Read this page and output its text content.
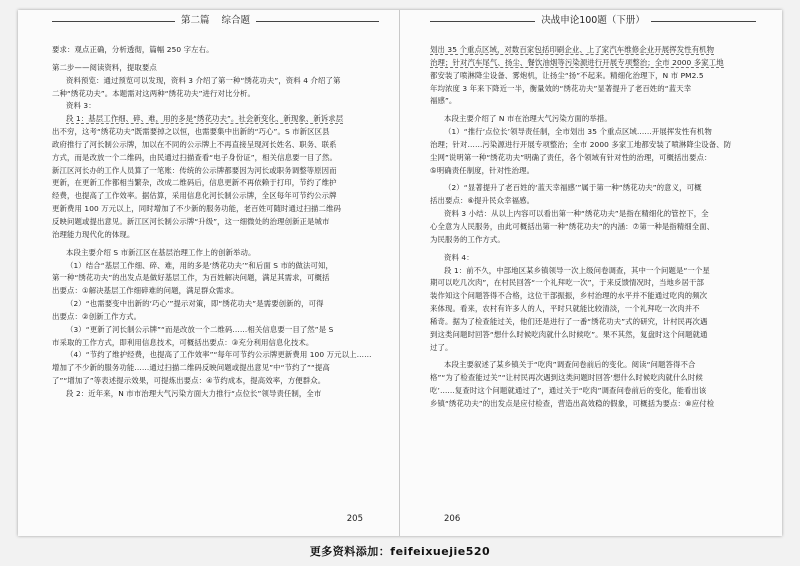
第二篇	综合题

要求：观点正确，分析透彻，篇幅 250 字左右。

第二步——阅读资料，提取要点

资料预览：通过预览可以发现，资料 3 介绍了第一种“绣花功夫”，资料 4 介绍了第

二种“绣花功夫”。本题需对这两种“绣花功夫”进行对比分析。

资料 3：

段 1：基层工作细、碎、难，用的多是“绣花功夫”。社会新变化、新现象、新诉求层

出不穷，这考“绣花功夫”既需要掉之以恒，也需要集中出新的“巧心”。S 市新区区县

政府推行了河长制公示牌，加以在不同的公示牌上不再直接呈现河长姓名、职务、联系

方式，而是改放一个二维码，由民通过扫描查看“电子身份证”，相关信息要一目了然。

新江区河长办的工作人员算了一笔账：传统的公示牌都要因为河长或职务调整等原因而

更新，在更新工作都相当繁杂，改成二维码后，信息更新不再依赖于打印，节约了维护

经费，也提高了工作效率。据估算，采用信息化河长制公示牌，全区每年可节约公示牌

更新费用 100 万元以上，同时增加了不少新的服务功能，老百姓可随时通过扫描二维码

反映问题或提出意见。新江区河长制公示牌“升级”，这一细微处的治理创新正是城市

治理能力现代化的体现。

本段主要介绍 S 市新江区在基层治理工作上的创新举动。

（1）结合“基层工作细、碎、难，用的多是‘绣花功夫’”和后面 S 市的做法可知，

第一种“绣花功夫”的出发点是做好基层工作，为百姓解决问题，满足其需求，可概括

出要点：①解决基层工作细碎难的问题，满足群众需求。

（2）“也需要变中出新的‘巧心’”提示对策，即“绣花功夫”是需要创新的，可得

出要点：②创新工作方式。

（3）“更新了河长制公示牌”“而是改放一个二维码……相关信息要一目了然”是 S

市采取的工作方式，即利用信息技术，可概括出要点：③充分利用信息化技术。

（4）“节约了维护经费，也提高了工作效率”“每年可节约公示牌更新费用 100 万元以上……

增加了不少新的服务功能……通过扫描二维码反映问题或提出意见”中“节约了”“提高

了”“增加了”等表述提示效果，可提炼出要点：④节约成本，提高效率，方便群众。

段 2：近年来，N 市市治理大气污染方面大力推行“点位长”领导责任制，全市

205
决战申论100题（下册）

划出 35 个重点区域，对数百家包括印刷企业、上了家汽车维修企业开展挥发性有机物

治理；针对汽车尾气、扬尘、餐饮油烟等污染源进行开展专项整治；全市 2000 多家工地

都安装了喷淋降尘设备、雾炮机，让扬尘“扬”不起来。精细化治理下，N 市 PM2.5

年均浓度 3 年来下降近一半，衡量效的“绣花功夫”显著提升了老百姓的“蓝天幸

福感”。

本段主要介绍了 N 市在治理大气污染方面的举措。

（1）“推行‘点位长’领导责任制，全市划出 35 个重点区域……开展挥发性有机物

治理；针对……污染源进行开展专项整治；全市 2000 多家工地都安装了喷淋降尘设备、防

尘网”说明第一种“绣花功夫”明确了责任，各个领域有针对性的治理，可概括出要点：

⑤明确责任制度，针对性治理。

（2）“显著提升了老百姓的‘蓝天幸福感’”属于第一种“绣花功夫”的意义，可概

括出要点：⑥提升民众幸福感。

资料 3 小结：从以上内容可以看出第一种“绣花功夫”是指在精细化的管控下，全

心全意为人民服务，由此可概括出第一种“绣花功夫”的内涵：⑦第一种是指精细全面、

为民服务的工作方式。

资料 4：

段 1：前不久，中部地区某乡镇领导一次上级问卷调查，其中一个问题是“一个星

期可以吃几次肉”，在村民回答“一个礼拜吃一次”，于来反馈情况时，当地乡居干部

装作知这个问题答得不合格，这位干部振振，乡村治理的水平并不能通过吃肉的频次

来体现。看来，农村有许多人的人，平时只就能比较清淡，一个礼拜吃一次肉并不

稀奇。据为了检查能过关，他们还是进行了一番“绣花功夫”式的研究，计村民再次遇

到这类问题时回答“想什么时候吃肉就什么时候吃”。果不其然，复盘时这个问题就通

过了。

本段主要叙述了某乡镇关于“吃肉”调查问卷前后的变化。阅读“问题答得不合

格”“为了检查能过关”“让村民再次遇到这类问题时回答‘想什么时候吃肉就什么时候

吃’……复查时这个问题就通过了”，通过关于“吃肉”调查问卷前后的变化，能看出该

乡镇“绣花功夫”的出发点是应付检查，营造出高效稳的假象，可概括为要点：⑧应付检

206
更多资料添加：feifeixuejie520
